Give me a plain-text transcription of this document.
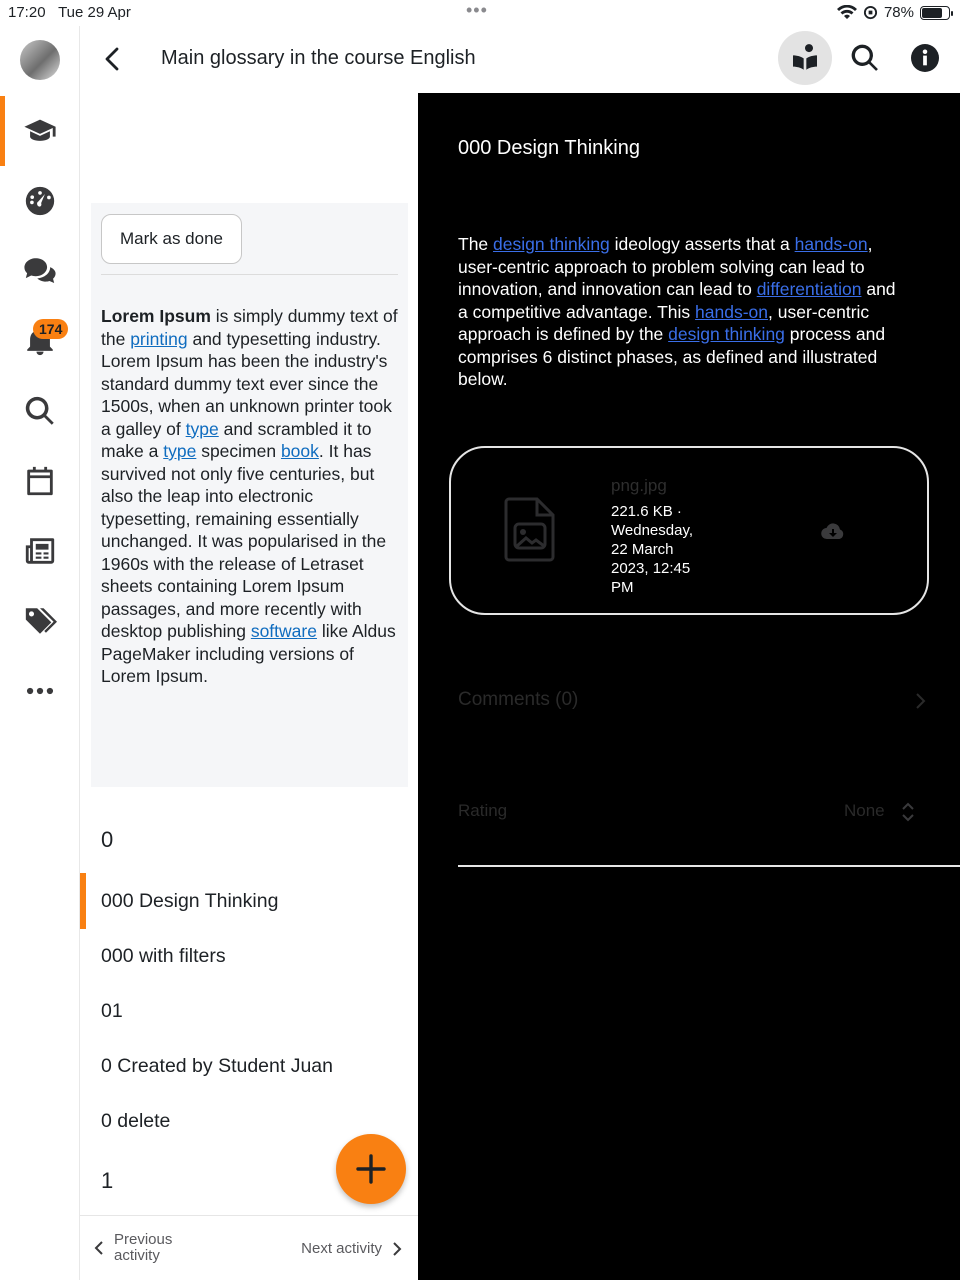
17:20 Tue 29 Apr	•••	78%
174
Main glossary in the course English
Mark as done

Lorem Ipsum is simply dummy text of the printing and typesetting industry. Lorem Ipsum has been the industry's standard dummy text ever since the 1500s, when an unknown printer took a galley of type and scrambled it to make a type specimen book. It has survived not only five centuries, but also the leap into electronic typesetting, remaining essentially unchanged. It was popularised in the 1960s with the release of Letraset sheets containing Lorem Ipsum passages, and more recently with desktop publishing software like Aldus PageMaker including versions of Lorem Ipsum.

0
000 Design Thinking
000 with filters
01
0 Created by Student Juan
0 delete
1
Previous
activity	Next activity
000 Design Thinking

The design thinking ideology asserts that a hands-on, user-centric approach to problem solving can lead to innovation, and innovation can lead to differentiation and a competitive advantage. This hands-on, user-centric approach is defined by the design thinking process and comprises 6 distinct phases, as defined and illustrated below.

png.jpg
221.6 KB · Wednesday, 22 March 2023, 12:45 PM
Comments (0)
Rating	None
